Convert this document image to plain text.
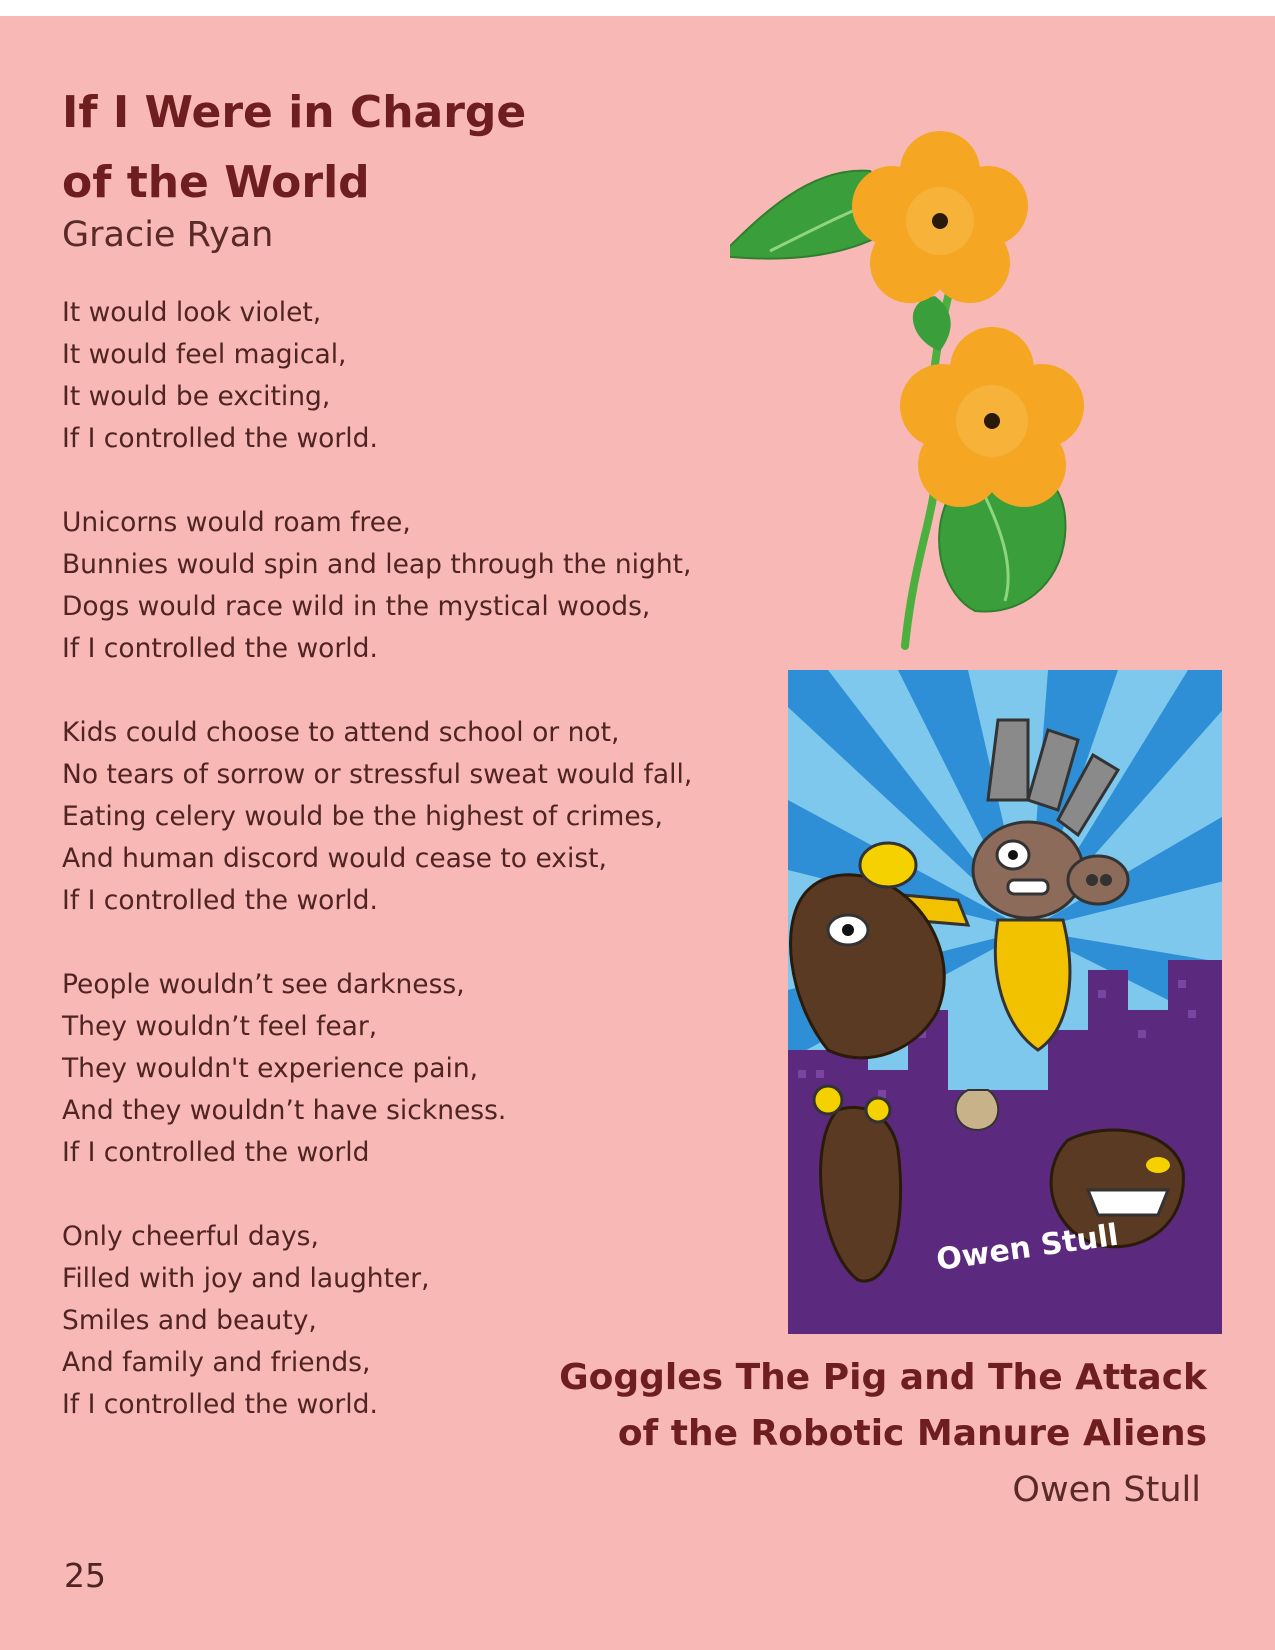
If I Were in Charge
of the World

Gracie Ryan

It would look violet,
It would feel magical,
It would be exciting,
If I controlled the world.

Unicorns would roam free,
Bunnies would spin and leap through the night,
Dogs would race wild in the mystical woods,
If I controlled the world.

Kids could choose to attend school or not,
No tears of sorrow or stressful sweat would fall,
Eating celery would be the highest of crimes,
And human discord would cease to exist,
If I controlled the world.

People wouldn’t see darkness,
They wouldn’t feel fear,
They wouldn't experience pain,
And they wouldn’t have sickness.
If I controlled the world

Only cheerful days,
Filled with joy and laughter,
Smiles and beauty,
And family and friends,
If I controlled the world.

Owen Stull
Goggles The Pig and The Attack
of the Robotic Manure Aliens

Owen Stull

25
